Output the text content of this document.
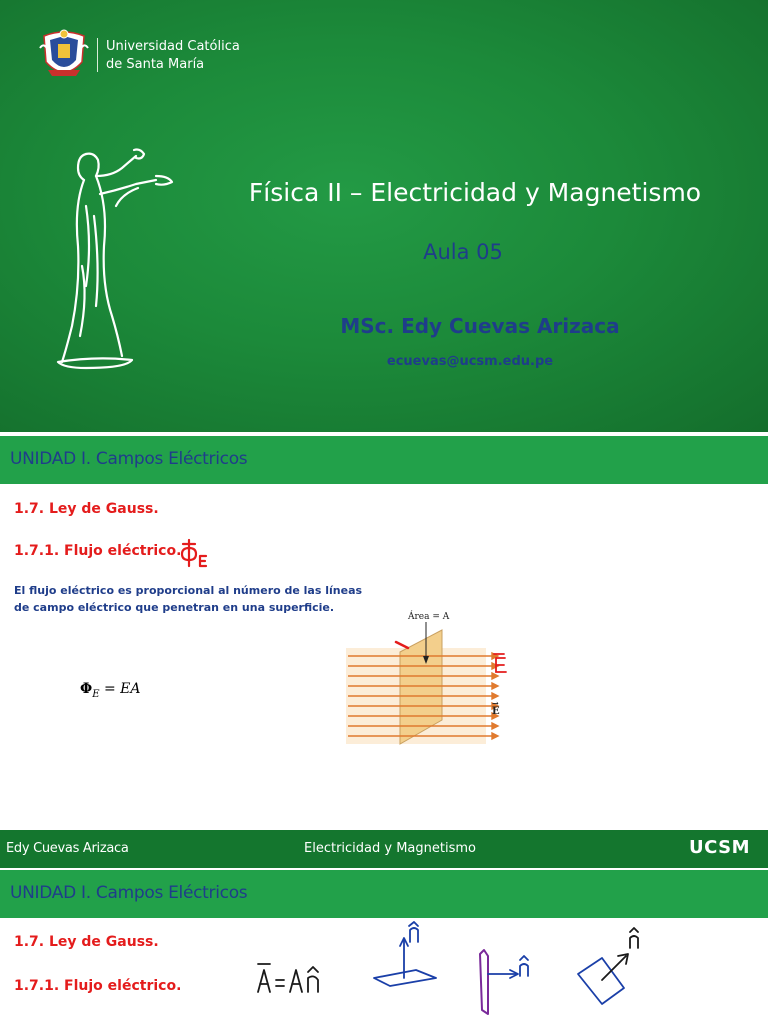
Universidad Católica
de Santa María
Física II – Electricidad y Magnetismo
Aula 05
MSc. Edy Cuevas Arizaca
ecuevas@ucsm.edu.pe
UNIDAD I. Campos Eléctricos
1.7. Ley de Gauss.
1.7.1. Flujo eléctrico.
El flujo eléctrico es proporcional al número de las líneas de campo eléctrico que penetran en una superficie.
$\Phi_E$ = EA
Área = A
→
E
Edy Cuevas Arizaca	Electricidad y Magnetismo	UCSM
UNIDAD I. Campos Eléctricos
1.7. Ley de Gauss.
1.7.1. Flujo eléctrico.
